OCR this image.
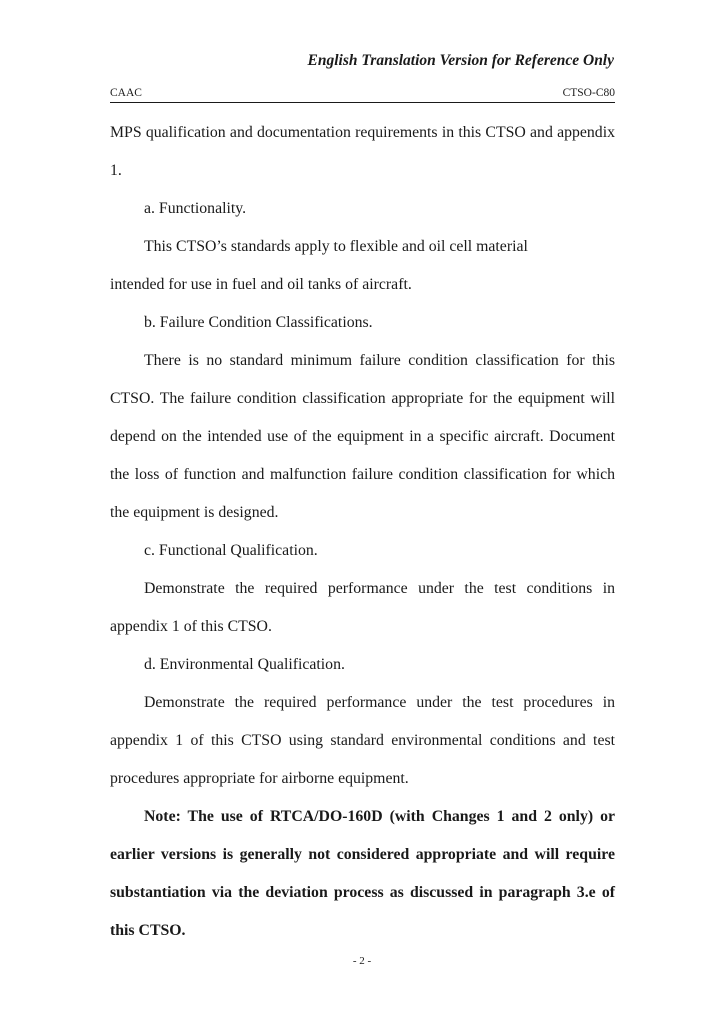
English Translation Version for Reference Only
CAAC	CTSO-C80

MPS qualification and documentation requirements in this CTSO and appendix 1.

a. Functionality.

This CTSO’s standards apply to flexible and oil cell material intended for use in fuel and oil tanks of aircraft.

b. Failure Condition Classifications.

There is no standard minimum failure condition classification for this CTSO. The failure condition classification appropriate for the equipment will depend on the intended use of the equipment in a specific aircraft. Document the loss of function and malfunction failure condition classification for which the equipment is designed.

c. Functional Qualification.

Demonstrate the required performance under the test conditions in appendix 1 of this CTSO.

d. Environmental Qualification.

Demonstrate the required performance under the test procedures in appendix 1 of this CTSO using standard environmental conditions and test procedures appropriate for airborne equipment.

Note: The use of RTCA/DO-160D (with Changes 1 and 2 only) or earlier versions is generally not considered appropriate and will require substantiation via the deviation process as discussed in paragraph 3.e of this CTSO.

- 2 -
